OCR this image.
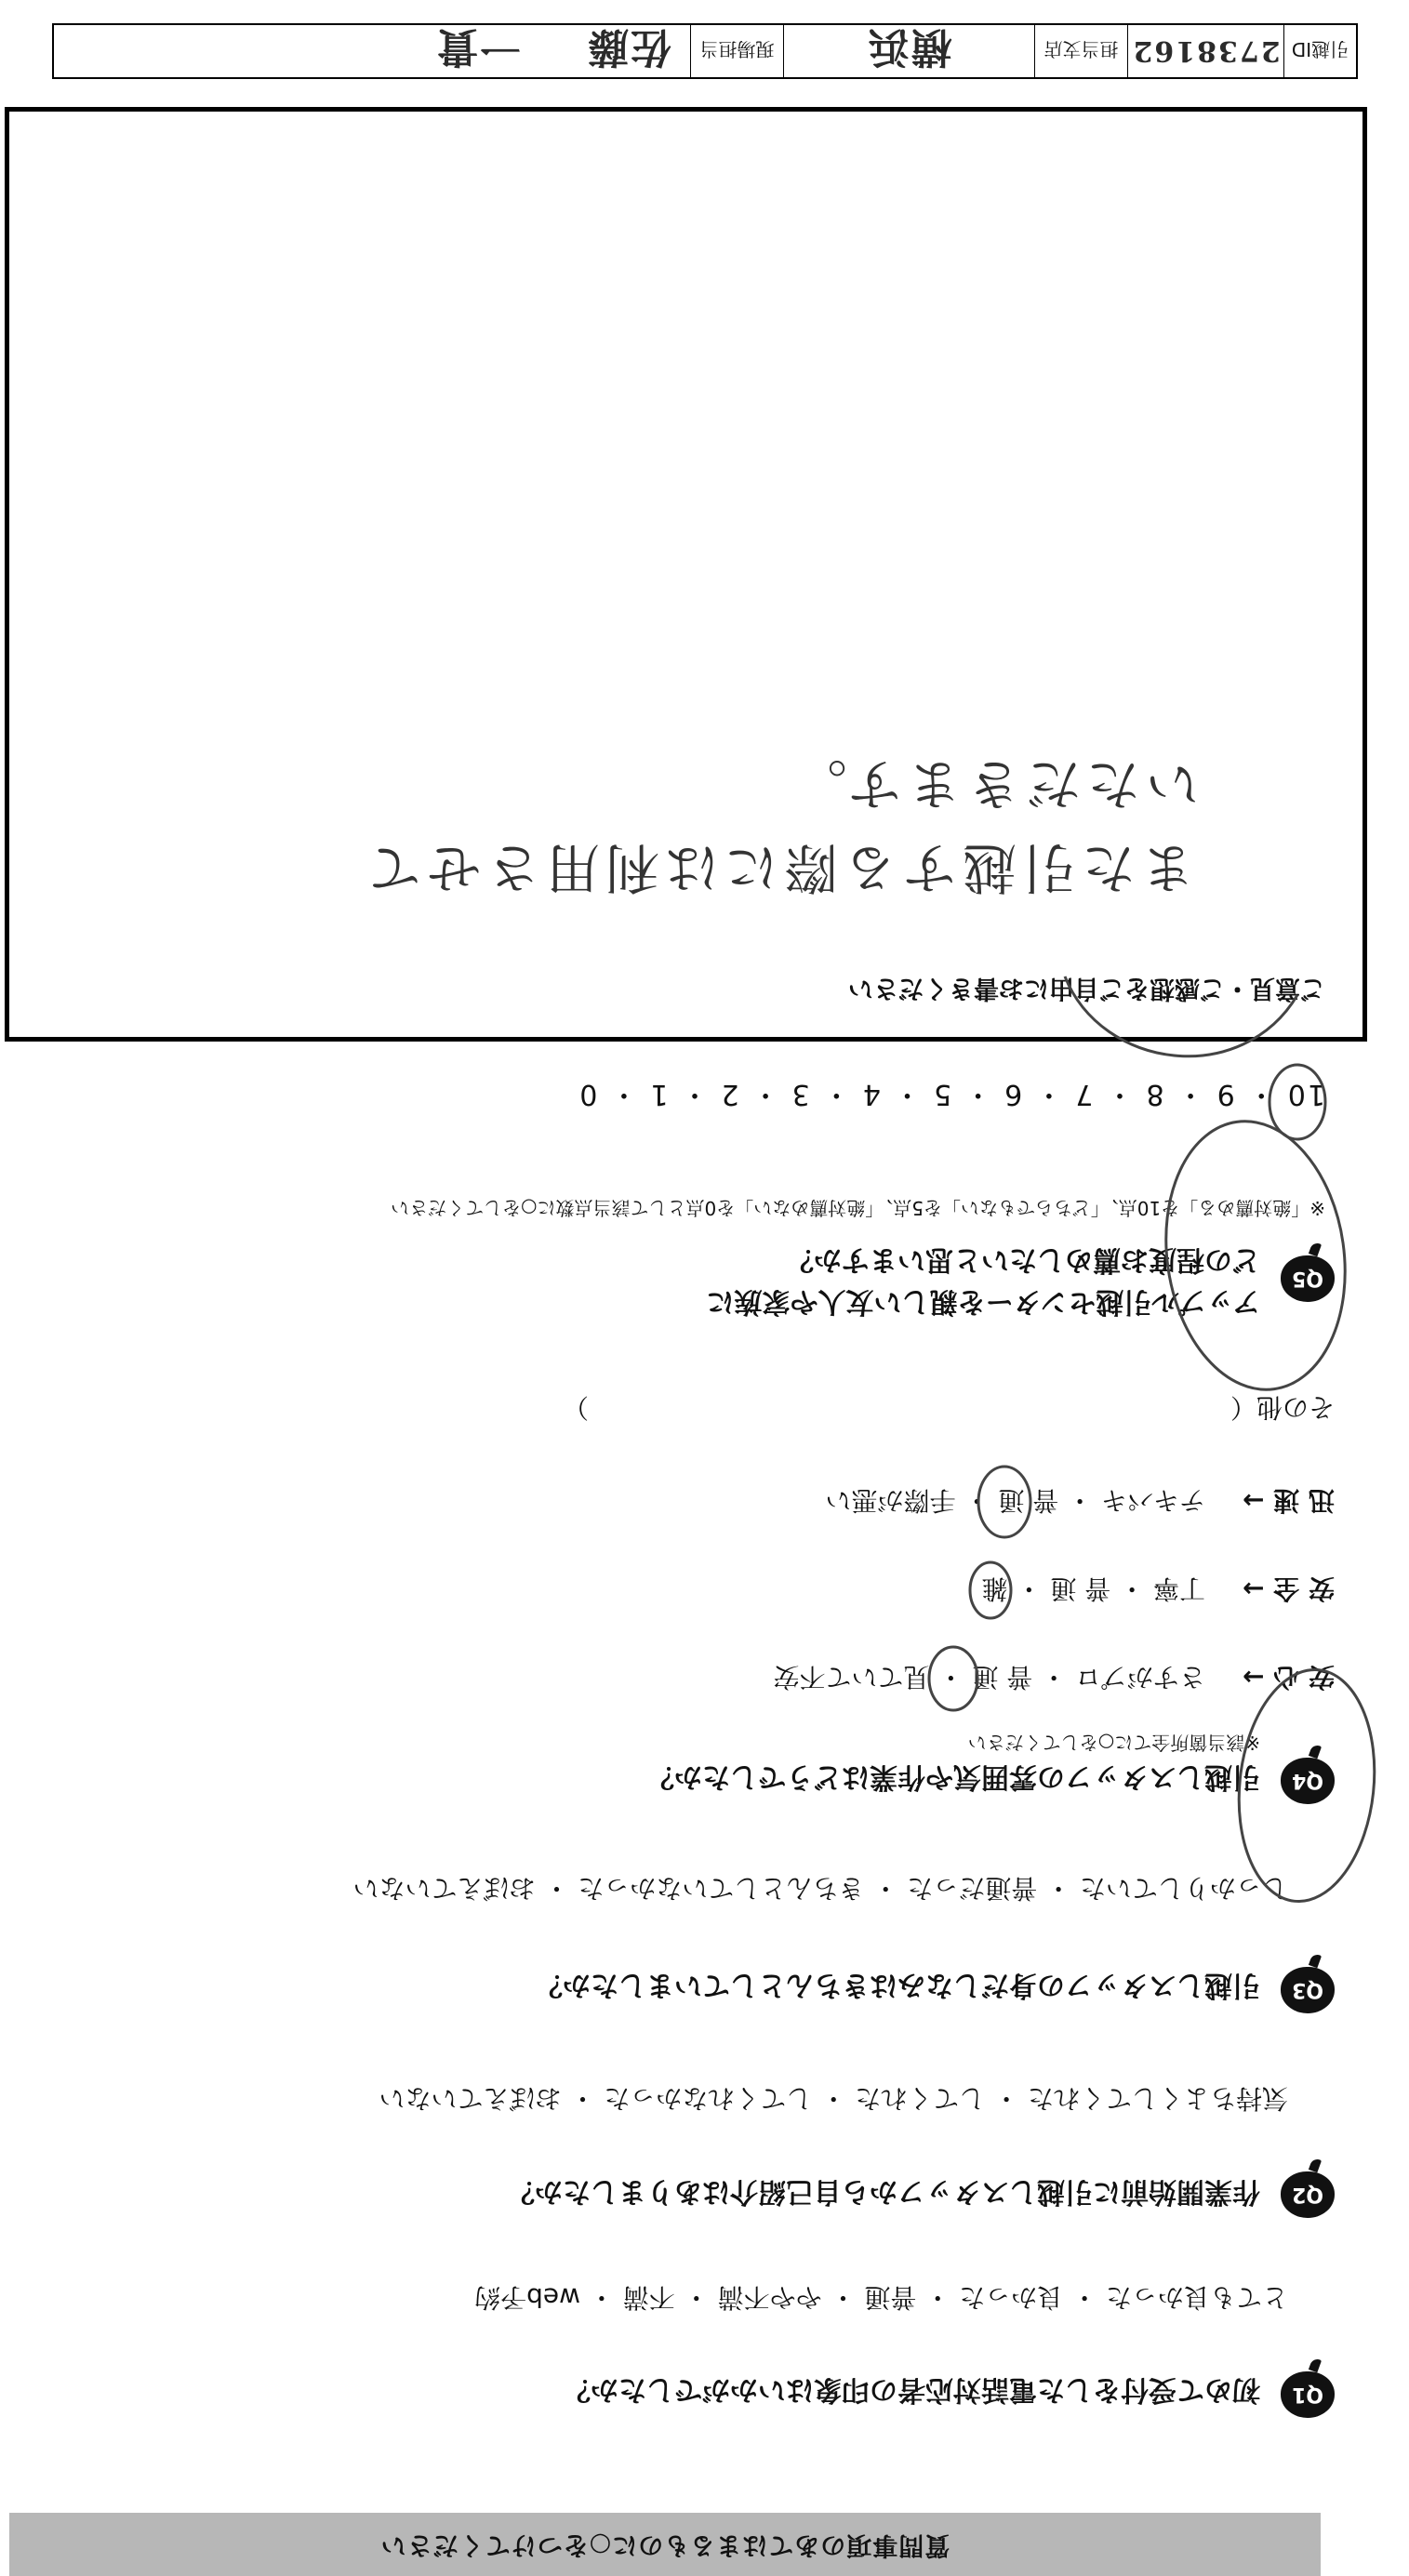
引越ID
2738162
担当支店
横浜
現場担当
佐藤
一貴
ご意見・ご感想をご自由にお書きください
また引越する際には利用させて
いただきます。
10 ・ 9 ・ 8 ・ 7 ・ 6 ・ 5 ・ 4 ・ 3 ・ 2 ・ 1 ・ 0
※「絶対薦める」を10点、「どちらでもない」を5点、「絶対薦めない」を0点として該当点数に○をしてください
Q5
アップル引越センターを親しい友人や家族に
どの程度お薦めしたいと思いますか？
その他（）
迅 速 →テキパキ ・ 普 通 ・ 手際が悪い
安 全 →丁寧 ・ 普 通 ・ 雑
安 心 →さすがプロ ・ 普 通 ・ 見ていて不安
※該当箇所全てに○をしてください
Q4
引越しスタッフの雰囲気や作業はどうでしたか？
しっかりしていた ・ 普通だった ・ きちんとしていなかった ・ おぼえていない
Q3
引越しスタッフの身だしなみはきちんとしていましたか？
気持ちよくしてくれた ・ してくれた ・ してくれなかった ・ おぼえていない
Q2
作業開始前に引越しスタッフから自己紹介はありましたか？
とても良かった ・ 良かった ・ 普通 ・ やや不満 ・ 不満 ・ web予約
Q1
初めて受付をした電話対応者の印象はいかがでしたか？
質問事項のあてはまるものに○をつけてください
